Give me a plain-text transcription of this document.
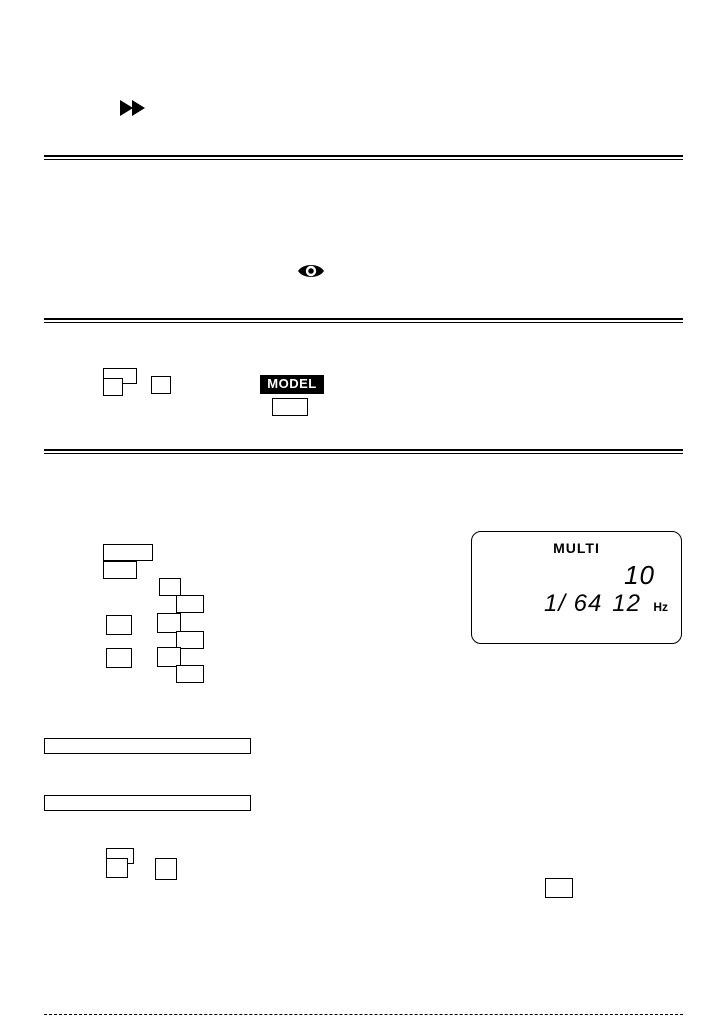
MODEL
MULTI
10
1/ 64 12 Hz
